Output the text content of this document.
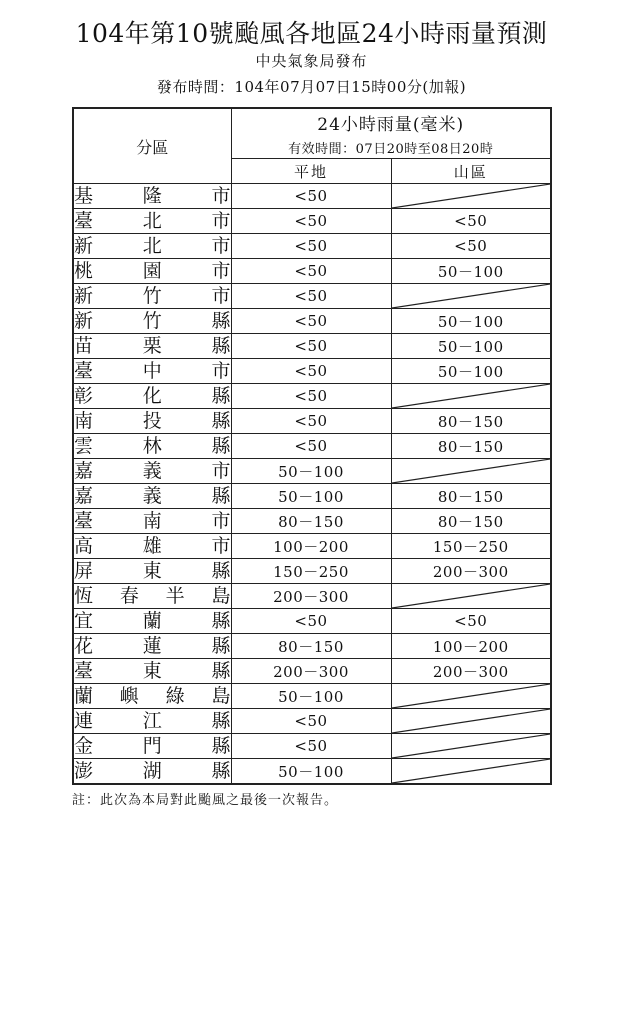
104年第10號颱風各地區24小時雨量預測
中央氣象局發布
發布時間：104年07月07日15時00分(加報)
分區	24小時雨量(毫米)	
	有效時間：07日20時至08日20時	
	平地	山區

基 隆 市	<50	

臺 北 市	<50	<50

新 北 市	<50	<50

桃 園 市	<50	50－100

新 竹 市	<50	

新 竹 縣	<50	50－100

苗 栗 縣	<50	50－100

臺 中 市	<50	50－100

彰 化 縣	<50	

南 投 縣	<50	80－150

雲 林 縣	<50	80－150

嘉 義 市	50－100	

嘉 義 縣	50－100	80－150

臺 南 市	80－150	80－150

高 雄 市	100－200	150－250

屏 東 縣	150－250	200－300

恆 春 半 島	200－300	

宜 蘭 縣	<50	<50

花 蓮 縣	80－150	100－200

臺 東 縣	200－300	200－300

蘭 嶼 綠 島	50－100	

連 江 縣	<50	

金 門 縣	<50	

澎 湖 縣	50－100	
註：此次為本局對此颱風之最後一次報告。
